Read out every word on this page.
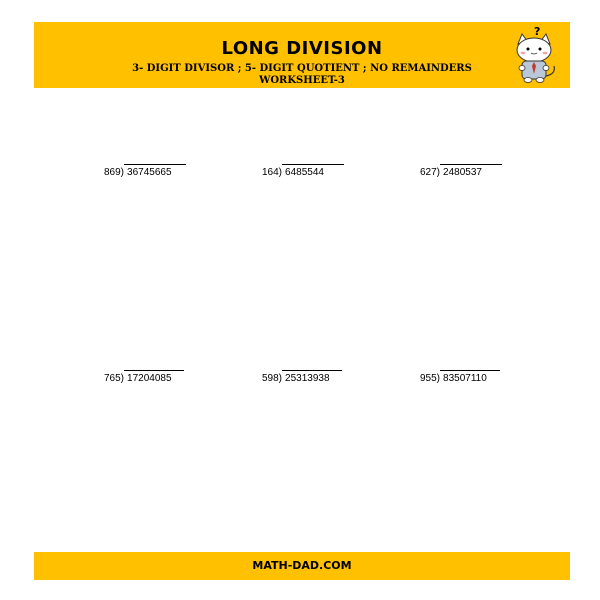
LONG DIVISION
3- DIGIT DIVISOR ; 5- DIGIT QUOTIENT ; NO REMAINDERS
WORKSHEET-3
?
869) 36745665	164) 6485544	627) 2480537
765) 17204085	598) 25313938	955) 83507110
MATH-DAD.COM
